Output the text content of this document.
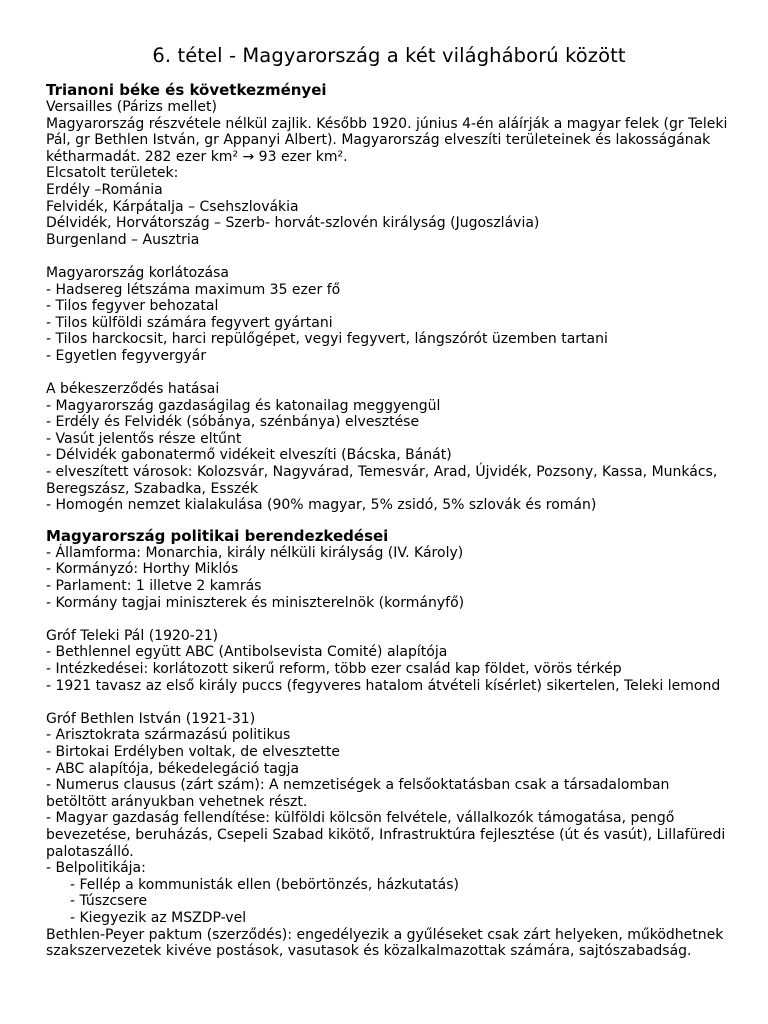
6. tétel - Magyarország a két világháború között
Trianoni béke és következményei
Versailles (Párizs mellet)
Magyarország részvétele nélkül zajlik. Később 1920. június 4-én aláírják a magyar felek (gr Teleki Pál, gr Bethlen István, gr Appanyi Albert). Magyarország elveszíti területeinek és lakosságának kétharmadát. 282 ezer km² → 93 ezer km².
Elcsatolt területek:
Erdély –Románia
Felvidék, Kárpátalja – Csehszlovákia
Délvidék, Horvátország – Szerb- horvát-szlovén királyság (Jugoszlávia)
Burgenland – Ausztria
Magyarország korlátozása
- Hadsereg létszáma maximum 35 ezer fő
- Tilos fegyver behozatal
- Tilos külföldi számára fegyvert gyártani
- Tilos harckocsit, harci repülőgépet, vegyi fegyvert, lángszórót üzemben tartani
- Egyetlen fegyvergyár
A békeszerződés hatásai
- Magyarország gazdaságilag és katonailag meggyengül
- Erdély és Felvidék (sóbánya, szénbánya) elvesztése
- Vasút jelentős része eltűnt
- Délvidék gabonatermő vidékeit elveszíti (Bácska, Bánát)
- elveszített városok: Kolozsvár, Nagyvárad, Temesvár, Arad, Újvidék, Pozsony, Kassa, Munkács, Beregszász, Szabadka, Esszék
- Homogén nemzet kialakulása (90% magyar, 5% zsidó, 5% szlovák és román)
Magyarország politikai berendezkedései
- Államforma: Monarchia, király nélküli királyság (IV. Károly)
- Kormányzó: Horthy Miklós
- Parlament: 1 illetve 2 kamrás
- Kormány tagjai miniszterek és miniszterelnök (kormányfő)
Gróf Teleki Pál (1920-21)
- Bethlennel együtt ABC (Antibolsevista Comité) alapítója
- Intézkedései: korlátozott sikerű reform, több ezer család kap földet, vörös térkép
- 1921 tavasz az első király puccs (fegyveres hatalom átvételi kísérlet) sikertelen, Teleki lemond
Gróf Bethlen István (1921-31)
- Arisztokrata származású politikus
- Birtokai Erdélyben voltak, de elvesztette
- ABC alapítója, békedelegáció tagja
- Numerus clausus (zárt szám): A nemzetiségek a felsőoktatásban csak a társadalomban betöltött arányukban vehetnek részt.
- Magyar gazdaság fellendítése: külföldi kölcsön felvétele, vállalkozók támogatása, pengő bevezetése, beruházás, Csepeli Szabad kikötő, Infrastruktúra fejlesztése (út és vasút), Lillafüredi palotaszálló.
- Belpolitikája:
- Fellép a kommunisták ellen (bebörtönzés, házkutatás)
- Túszcsere
- Kiegyezik az MSZDP-vel
Bethlen-Peyer paktum (szerződés): engedélyezik a gyűléseket csak zárt helyeken, működhetnek szakszervezetek kivéve postások, vasutasok és közalkalmazottak számára, sajtószabadság.
